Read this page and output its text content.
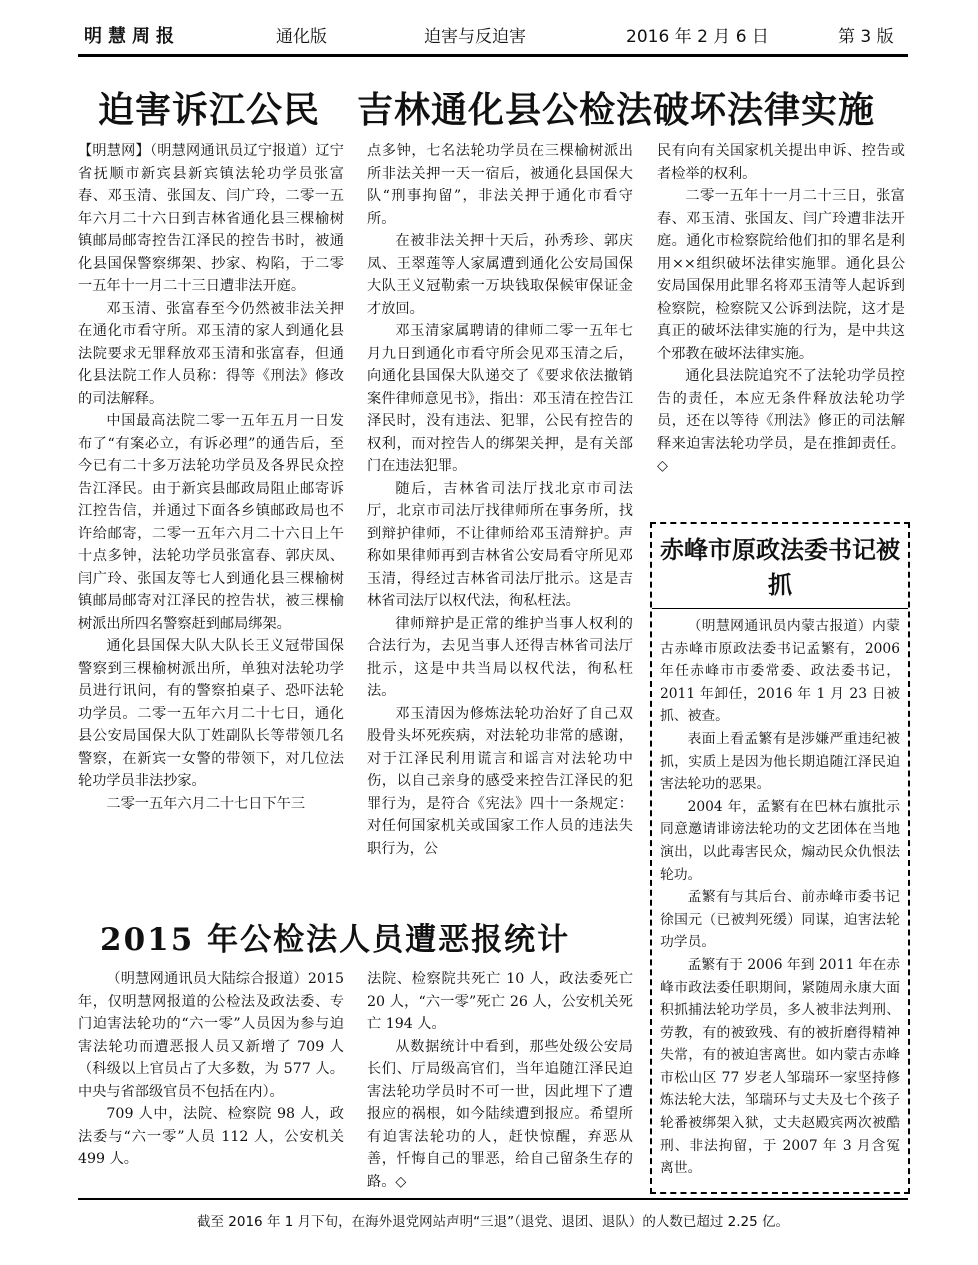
明慧周报	通化版	迫害与反迫害	2016 年 2 月 6 日	第 3 版
迫害诉江公民　吉林通化县公检法破坏法律实施

【明慧网】（明慧网通讯员辽宁报道）辽宁省抚顺市新宾县新宾镇法轮功学员张富春、邓玉清、张国友、闫广玲，二零一五年六月二十六日到吉林省通化县三棵榆树镇邮局邮寄控告江泽民的控告书时，被通化县国保警察绑架、抄家、构陷，于二零一五年十一月二十三日遭非法开庭。

邓玉清、张富春至今仍然被非法关押在通化市看守所。邓玉清的家人到通化县法院要求无罪释放邓玉清和张富春，但通化县法院工作人员称：得等《刑法》修改的司法解释。

中国最高法院二零一五年五月一日发布了“有案必立，有诉必理”的通告后，至今已有二十多万法轮功学员及各界民众控告江泽民。由于新宾县邮政局阻止邮寄诉江控告信，并通过下面各乡镇邮政局也不许给邮寄，二零一五年六月二十六日上午十点多钟，法轮功学员张富春、郭庆凤、闫广玲、张国友等七人到通化县三棵榆树镇邮局邮寄对江泽民的控告状，被三棵榆树派出所四名警察赶到邮局绑架。

通化县国保大队大队长王义冠带国保警察到三棵榆树派出所，单独对法轮功学员进行讯问，有的警察拍桌子、恐吓法轮功学员。二零一五年六月二十七日，通化县公安局国保大队丁姓副队长等带领几名警察，在新宾一女警的带领下，对几位法轮功学员非法抄家。

二零一五年六月二十七日下午三

点多钟，七名法轮功学员在三棵榆树派出所非法关押一天一宿后，被通化县国保大队“刑事拘留”，非法关押于通化市看守所。

在被非法关押十天后，孙秀珍、郭庆凤、王翠莲等人家属遭到通化公安局国保大队王义冠勒索一万块钱取保候审保证金才放回。

邓玉清家属聘请的律师二零一五年七月九日到通化市看守所会见邓玉清之后，向通化县国保大队递交了《要求依法撤销案件律师意见书》，指出：邓玉清在控告江泽民时，没有违法、犯罪，公民有控告的权利，而对控告人的绑架关押，是有关部门在违法犯罪。

随后，吉林省司法厅找北京市司法厅，北京市司法厅找律师所在事务所，找到辩护律师，不让律师给邓玉清辩护。声称如果律师再到吉林省公安局看守所见邓玉清，得经过吉林省司法厅批示。这是吉林省司法厅以权代法，徇私枉法。

律师辩护是正常的维护当事人权利的合法行为，去见当事人还得吉林省司法厅批示，这是中共当局以权代法，徇私枉法。

邓玉清因为修炼法轮功治好了自己双股骨头坏死疾病，对法轮功非常的感谢，对于江泽民利用谎言和谣言对法轮功中伤，以自己亲身的感受来控告江泽民的犯罪行为，是符合《宪法》四十一条规定：对任何国家机关或国家工作人员的违法失职行为，公

民有向有关国家机关提出申诉、控告或者检举的权利。

二零一五年十一月二十三日，张富春、邓玉清、张国友、闫广玲遭非法开庭。通化市检察院给他们扣的罪名是利用××组织破坏法律实施罪。通化县公安局国保用此罪名将邓玉清等人起诉到检察院，检察院又公诉到法院，这才是真正的破坏法律实施的行为，是中共这个邪教在破坏法律实施。

通化县法院追究不了法轮功学员控告的责任，本应无条件释放法轮功学员，还在以等待《刑法》修正的司法解释来迫害法轮功学员，是在推卸责任。◇

赤峰市原政法委书记被抓

（明慧网通讯员内蒙古报道）内蒙古赤峰市原政法委书记孟繁有，2006 年任赤峰市市委常委、政法委书记，2011 年卸任，2016 年 1 月 23 日被抓、被查。

表面上看孟繁有是涉嫌严重违纪被抓，实质上是因为他长期追随江泽民迫害法轮功的恶果。

2004 年，孟繁有在巴林右旗批示同意邀请诽谤法轮功的文艺团体在当地演出，以此毒害民众，煽动民众仇恨法轮功。

孟繁有与其后台、前赤峰市委书记徐国元（已被判死缓）同谋，迫害法轮功学员。

孟繁有于 2006 年到 2011 年在赤峰市政法委任职期间，紧随周永康大面积抓捕法轮功学员，多人被非法判刑、劳教，有的被致残、有的被折磨得精神失常，有的被迫害离世。如内蒙古赤峰市松山区 77 岁老人邹瑞环一家坚持修炼法轮大法，邹瑞环与丈夫及七个孩子轮番被绑架入狱，丈夫赵殿宾两次被酷刑、非法拘留，于 2007 年 3 月含冤离世。

2015 年公检法人员遭恶报统计

（明慧网通讯员大陆综合报道）2015 年，仅明慧网报道的公检法及政法委、专门迫害法轮功的“六一零”人员因为参与迫害法轮功而遭恶报人员又新增了 709 人（科级以上官员占了大多数，为 577 人。中央与省部级官员不包括在内）。

709 人中，法院、检察院 98 人，政法委与“六一零”人员 112 人，公安机关 499 人。

法院、检察院共死亡 10 人，政法委死亡 20 人，“六一零”死亡 26 人，公安机关死亡 194 人。

从数据统计中看到，那些处级公安局长们、厅局级高官们，当年追随江泽民迫害法轮功学员时不可一世，因此埋下了遭报应的祸根，如今陆续遭到报应。希望所有迫害法轮功的人，赶快惊醒，弃恶从善，忏悔自己的罪恶，给自己留条生存的路。◇

截至 2016 年 1 月下旬，在海外退党网站声明“三退”（退党、退团、退队）的人数已超过 2.25 亿。
